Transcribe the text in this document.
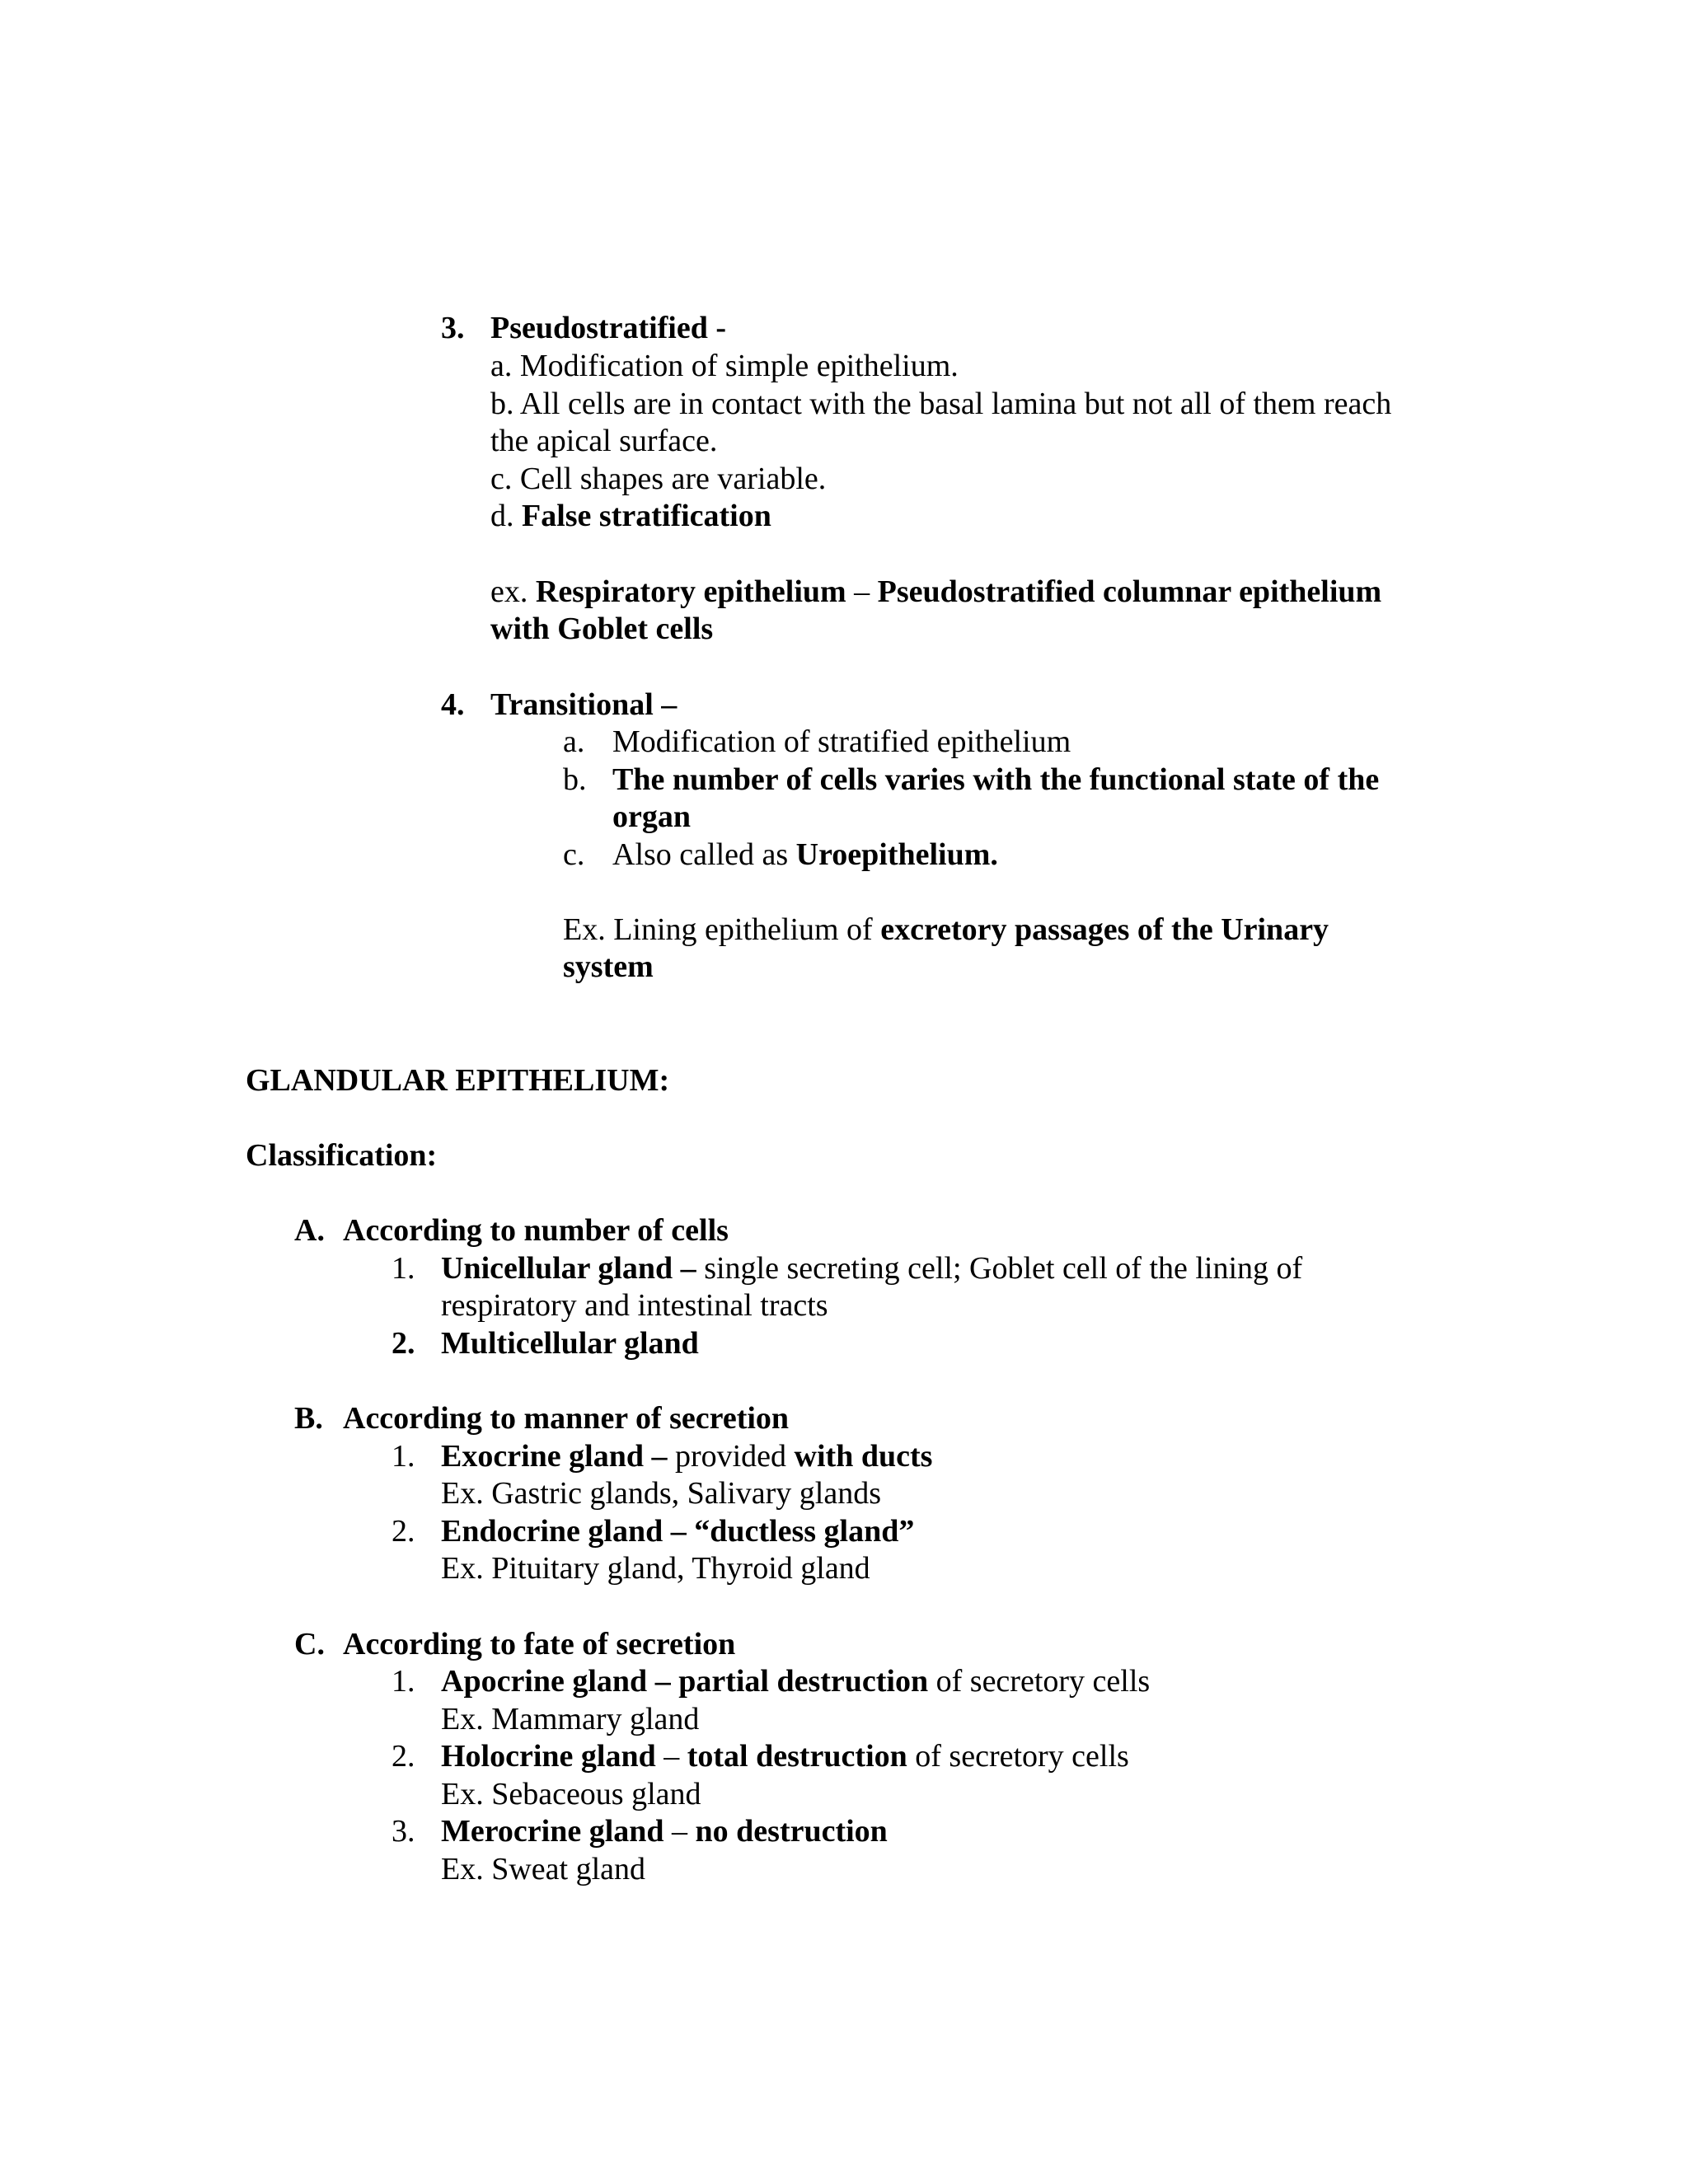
3. Pseudostratified -
a. Modification of simple epithelium.
b. All cells are in contact with the basal lamina but not all of them reach
the apical surface.
c. Cell shapes are variable.
d. False stratification
ex. Respiratory epithelium – Pseudostratified columnar epithelium
with Goblet cells
4. Transitional –
a. Modification of stratified epithelium
b. The number of cells varies with the functional state of the
organ
c. Also called as Uroepithelium.
Ex. Lining epithelium of excretory passages of the Urinary
system
GLANDULAR EPITHELIUM:
Classification:
A. According to number of cells
1. Unicellular gland – single secreting cell; Goblet cell of the lining of
respiratory and intestinal tracts
2. Multicellular gland
B. According to manner of secretion
1. Exocrine gland – provided with ducts
Ex. Gastric glands, Salivary glands
2. Endocrine gland – “ductless gland”
Ex. Pituitary gland, Thyroid gland
C. According to fate of secretion
1. Apocrine gland – partial destruction of secretory cells
Ex. Mammary gland
2. Holocrine gland – total destruction of secretory cells
Ex. Sebaceous gland
3. Merocrine gland – no destruction
Ex. Sweat gland
